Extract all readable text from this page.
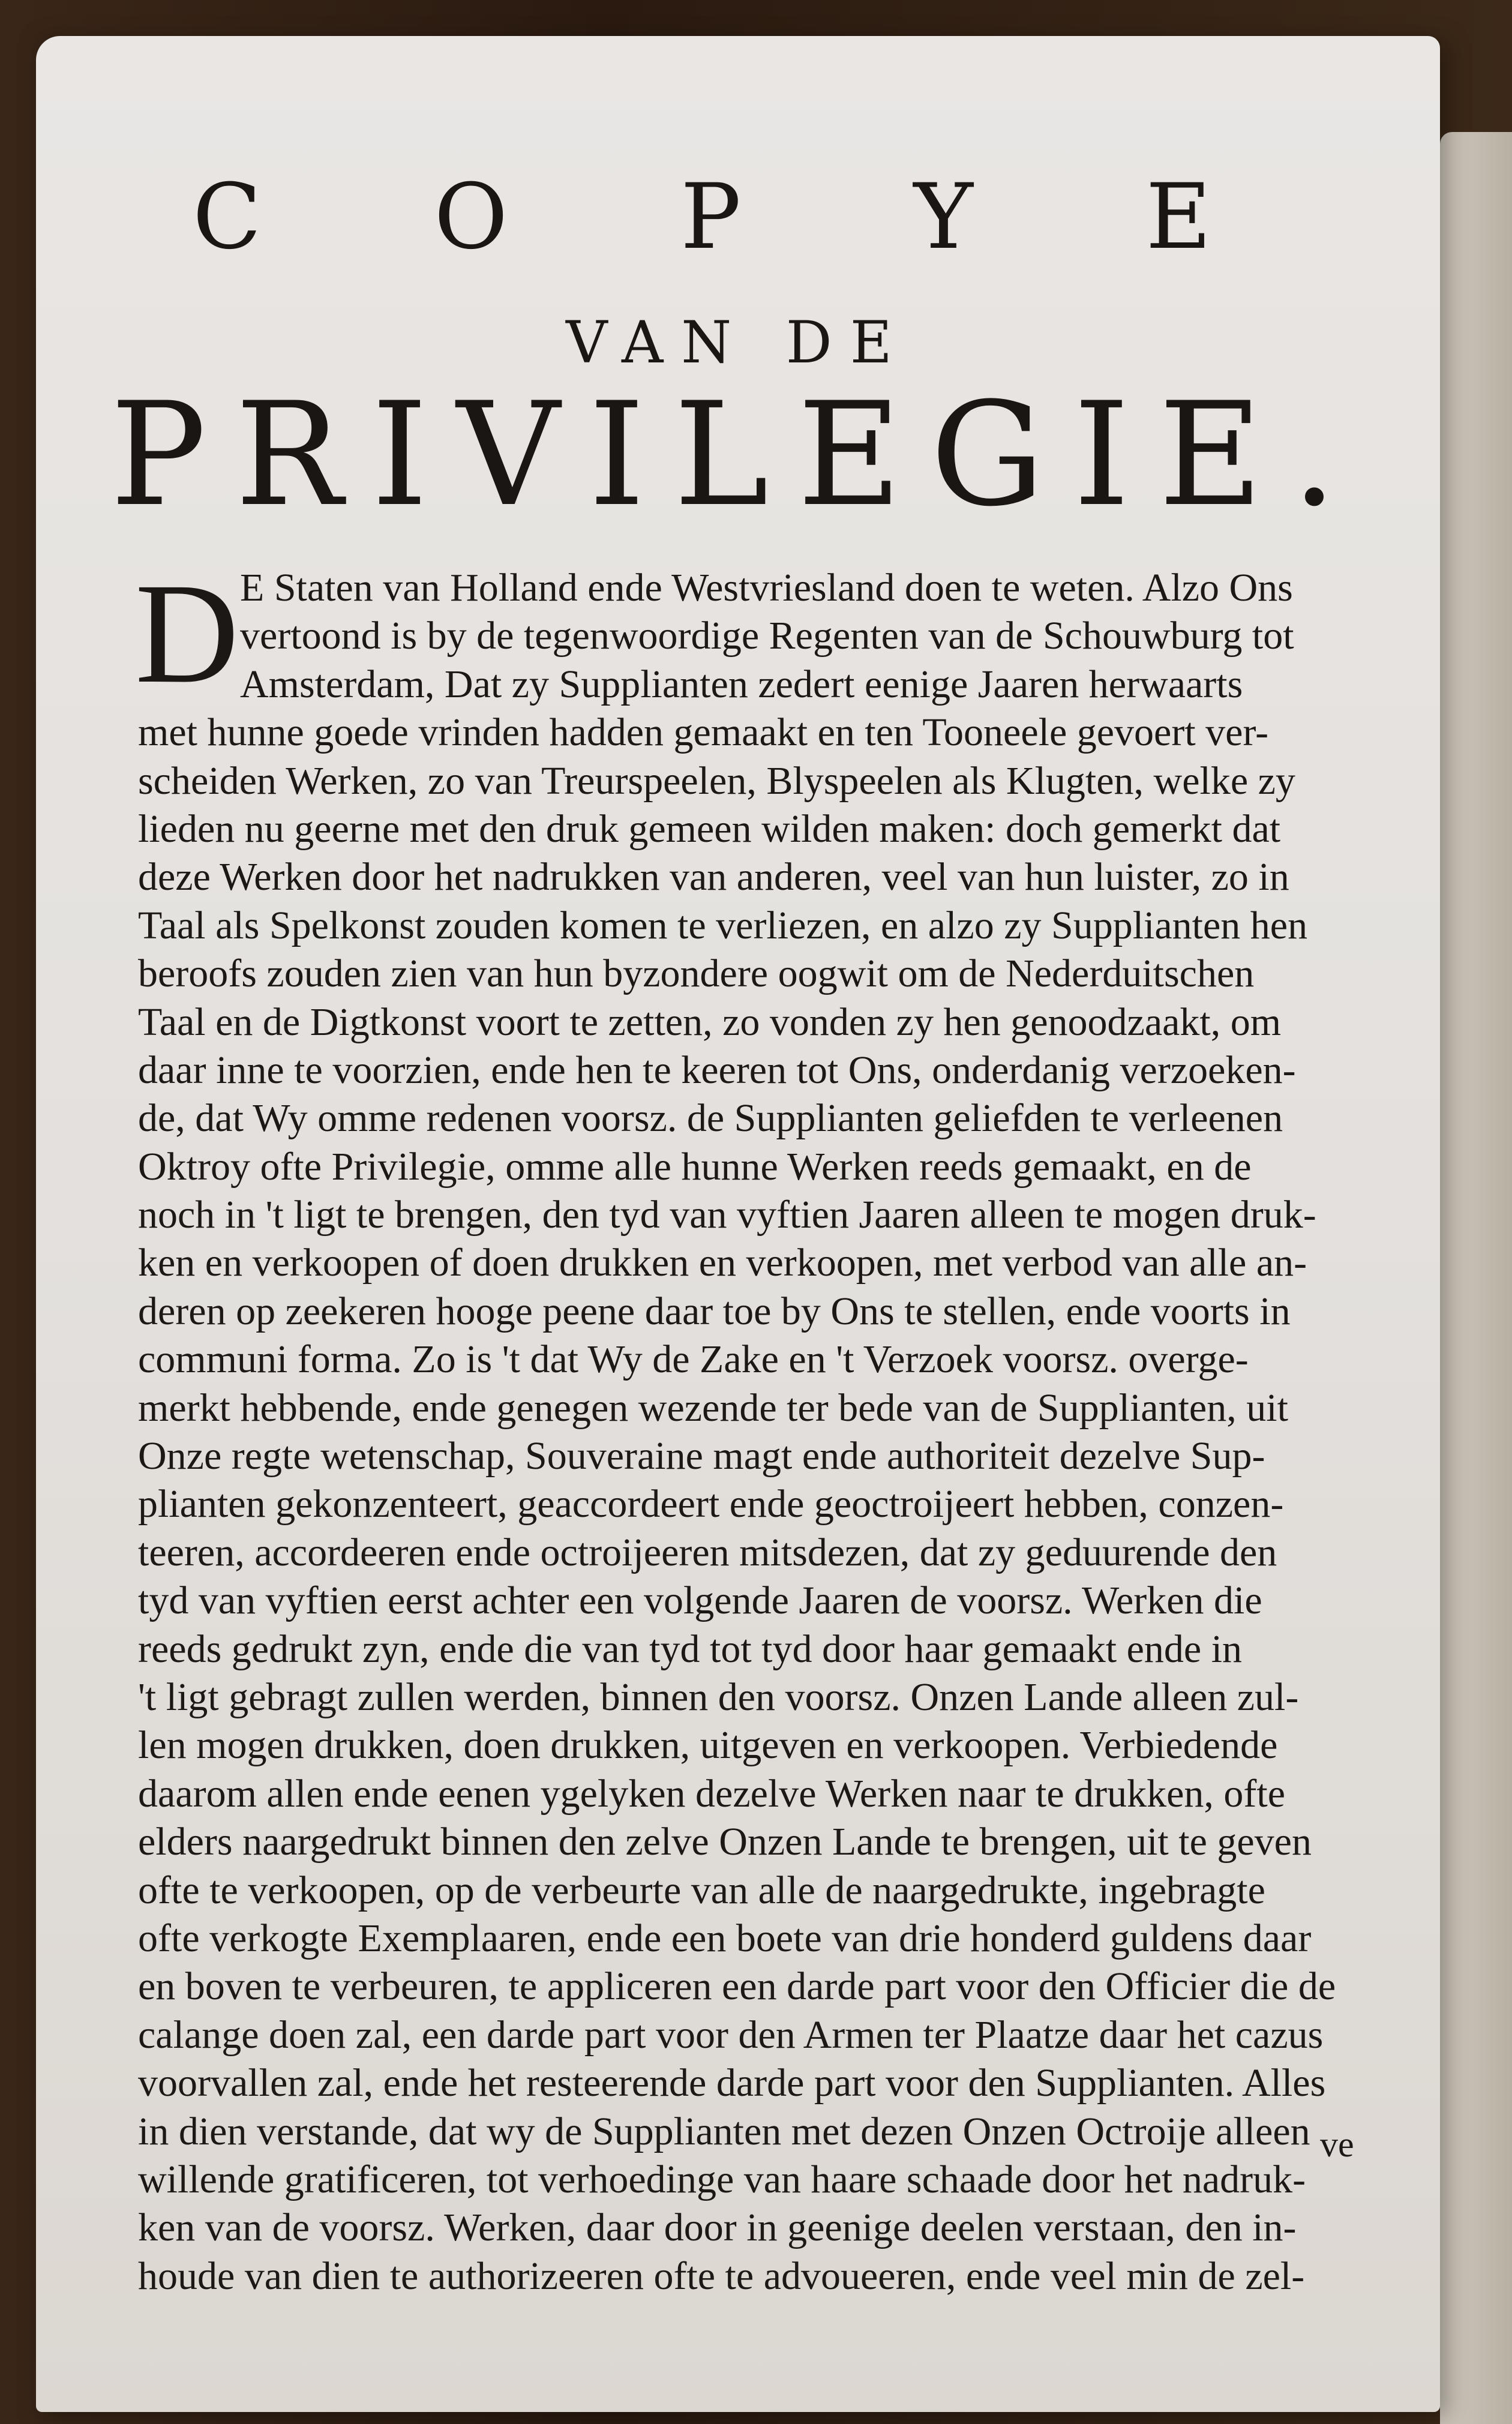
C O P Y E
VAN DE
PRIVILEGIE.
D E Staten van Holland ende Westvriesland doen te weten. Alzo Ons
vertoond is by de tegenwoordige Regenten van de Schouwburg tot
Amsterdam, Dat zy Supplianten zedert eenige Jaaren herwaarts
met hunne goede vrinden hadden gemaakt en ten Tooneele gevoert ver-
scheiden Werken, zo van Treurspeelen, Blyspeelen als Klugten, welke zy
lieden nu geerne met den druk gemeen wilden maken: doch gemerkt dat
deze Werken door het nadrukken van anderen, veel van hun luister, zo in
Taal als Spelkonst zouden komen te verliezen, en alzo zy Supplianten hen
beroofs zouden zien van hun byzondere oogwit om de Nederduitschen
Taal en de Digtkonst voort te zetten, zo vonden zy hen genoodzaakt, om
daar inne te voorzien, ende hen te keeren tot Ons, onderdanig verzoeken-
de, dat Wy omme redenen voorsz. de Supplianten geliefden te verleenen
Oktroy ofte Privilegie, omme alle hunne Werken reeds gemaakt, en de
noch in 't ligt te brengen, den tyd van vyftien Jaaren alleen te mogen druk-
ken en verkoopen of doen drukken en verkoopen, met verbod van alle an-
deren op zeekeren hooge peene daar toe by Ons te stellen, ende voorts in
communi forma. Zo is 't dat Wy de Zake en 't Verzoek voorsz. overge-
merkt hebbende, ende genegen wezende ter bede van de Supplianten, uit
Onze regte wetenschap, Souveraine magt ende authoriteit dezelve Sup-
plianten gekonzenteert, geaccordeert ende geoctroijeert hebben, conzen-
teeren, accordeeren ende octroijeeren mitsdezen, dat zy geduurende den
tyd van vyftien eerst achter een volgende Jaaren de voorsz. Werken die
reeds gedrukt zyn, ende die van tyd tot tyd door haar gemaakt ende in
't ligt gebragt zullen werden, binnen den voorsz. Onzen Lande alleen zul-
len mogen drukken, doen drukken, uitgeven en verkoopen. Verbiedende
daarom allen ende eenen ygelyken dezelve Werken naar te drukken, ofte
elders naargedrukt binnen den zelve Onzen Lande te brengen, uit te geven
ofte te verkoopen, op de verbeurte van alle de naargedrukte, ingebragte
ofte verkogte Exemplaaren, ende een boete van drie honderd guldens daar
en boven te verbeuren, te appliceren een darde part voor den Officier die de
calange doen zal, een darde part voor den Armen ter Plaatze daar het cazus
voorvallen zal, ende het resteerende darde part voor den Supplianten. Alles
in dien verstande, dat wy de Supplianten met dezen Onzen Octroije alleen
willende gratificeren, tot verhoedinge van haare schaade door het nadruk-
ken van de voorsz. Werken, daar door in geenige deelen verstaan, den in-
houde van dien te authorizeeren ofte te advoueeren, ende veel min de zel-
ve
